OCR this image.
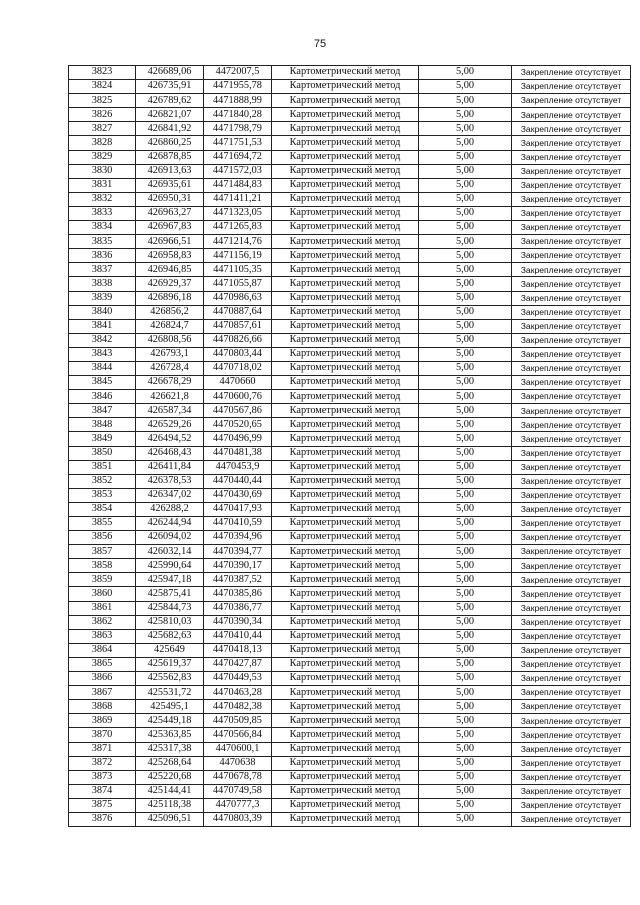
75
3823	426689,06	4472007,5	Картометрический метод	5,00	Закрепление отсутствует
3824	426735,91	4471955,78	Картометрический метод	5,00	Закрепление отсутствует
3825	426789,62	4471888,99	Картометрический метод	5,00	Закрепление отсутствует
3826	426821,07	4471840,28	Картометрический метод	5,00	Закрепление отсутствует
3827	426841,92	4471798,79	Картометрический метод	5,00	Закрепление отсутствует
3828	426860,25	4471751,53	Картометрический метод	5,00	Закрепление отсутствует
3829	426878,85	4471694,72	Картометрический метод	5,00	Закрепление отсутствует
3830	426913,63	4471572,03	Картометрический метод	5,00	Закрепление отсутствует
3831	426935,61	4471484,83	Картометрический метод	5,00	Закрепление отсутствует
3832	426950,31	4471411,21	Картометрический метод	5,00	Закрепление отсутствует
3833	426963,27	4471323,05	Картометрический метод	5,00	Закрепление отсутствует
3834	426967,83	4471265,83	Картометрический метод	5,00	Закрепление отсутствует
3835	426966,51	4471214,76	Картометрический метод	5,00	Закрепление отсутствует
3836	426958,83	4471156,19	Картометрический метод	5,00	Закрепление отсутствует
3837	426946,85	4471105,35	Картометрический метод	5,00	Закрепление отсутствует
3838	426929,37	4471055,87	Картометрический метод	5,00	Закрепление отсутствует
3839	426896,18	4470986,63	Картометрический метод	5,00	Закрепление отсутствует
3840	426856,2	4470887,64	Картометрический метод	5,00	Закрепление отсутствует
3841	426824,7	4470857,61	Картометрический метод	5,00	Закрепление отсутствует
3842	426808,56	4470826,66	Картометрический метод	5,00	Закрепление отсутствует
3843	426793,1	4470803,44	Картометрический метод	5,00	Закрепление отсутствует
3844	426728,4	4470718,02	Картометрический метод	5,00	Закрепление отсутствует
3845	426678,29	4470660	Картометрический метод	5,00	Закрепление отсутствует
3846	426621,8	4470600,76	Картометрический метод	5,00	Закрепление отсутствует
3847	426587,34	4470567,86	Картометрический метод	5,00	Закрепление отсутствует
3848	426529,26	4470520,65	Картометрический метод	5,00	Закрепление отсутствует
3849	426494,52	4470496,99	Картометрический метод	5,00	Закрепление отсутствует
3850	426468,43	4470481,38	Картометрический метод	5,00	Закрепление отсутствует
3851	426411,84	4470453,9	Картометрический метод	5,00	Закрепление отсутствует
3852	426378,53	4470440,44	Картометрический метод	5,00	Закрепление отсутствует
3853	426347,02	4470430,69	Картометрический метод	5,00	Закрепление отсутствует
3854	426288,2	4470417,93	Картометрический метод	5,00	Закрепление отсутствует
3855	426244,94	4470410,59	Картометрический метод	5,00	Закрепление отсутствует
3856	426094,02	4470394,96	Картометрический метод	5,00	Закрепление отсутствует
3857	426032,14	4470394,77	Картометрический метод	5,00	Закрепление отсутствует
3858	425990,64	4470390,17	Картометрический метод	5,00	Закрепление отсутствует
3859	425947,18	4470387,52	Картометрический метод	5,00	Закрепление отсутствует
3860	425875,41	4470385,86	Картометрический метод	5,00	Закрепление отсутствует
3861	425844,73	4470386,77	Картометрический метод	5,00	Закрепление отсутствует
3862	425810,03	4470390,34	Картометрический метод	5,00	Закрепление отсутствует
3863	425682,63	4470410,44	Картометрический метод	5,00	Закрепление отсутствует
3864	425649	4470418,13	Картометрический метод	5,00	Закрепление отсутствует
3865	425619,37	4470427,87	Картометрический метод	5,00	Закрепление отсутствует
3866	425562,83	4470449,53	Картометрический метод	5,00	Закрепление отсутствует
3867	425531,72	4470463,28	Картометрический метод	5,00	Закрепление отсутствует
3868	425495,1	4470482,38	Картометрический метод	5,00	Закрепление отсутствует
3869	425449,18	4470509,85	Картометрический метод	5,00	Закрепление отсутствует
3870	425363,85	4470566,84	Картометрический метод	5,00	Закрепление отсутствует
3871	425317,38	4470600,1	Картометрический метод	5,00	Закрепление отсутствует
3872	425268,64	4470638	Картометрический метод	5,00	Закрепление отсутствует
3873	425220,68	4470678,78	Картометрический метод	5,00	Закрепление отсутствует
3874	425144,41	4470749,58	Картометрический метод	5,00	Закрепление отсутствует
3875	425118,38	4470777,3	Картометрический метод	5,00	Закрепление отсутствует
3876	425096,51	4470803,39	Картометрический метод	5,00	Закрепление отсутствует
